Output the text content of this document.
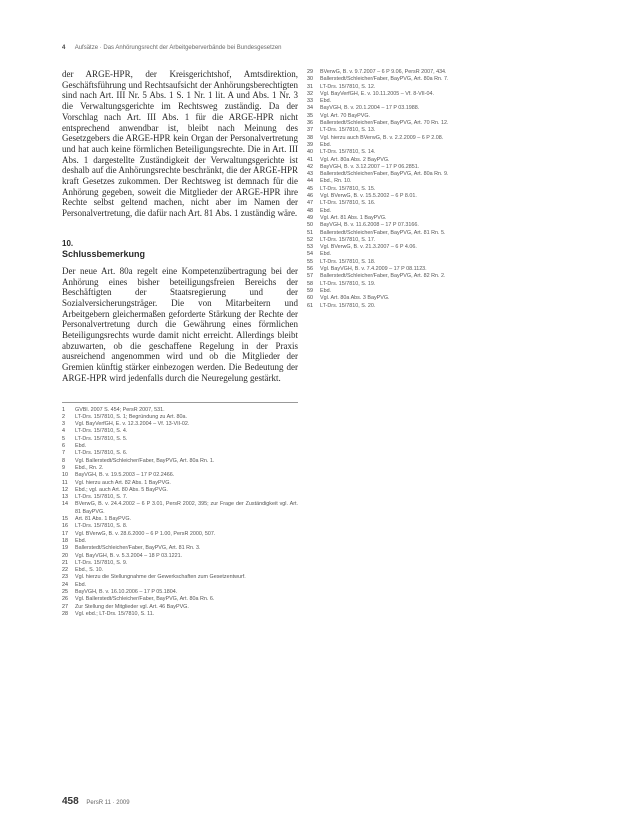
4 Aufsätze · Das Anhörungsrecht der Arbeitgeberverbände bei Bundesgesetzen

der ARGE-HPR, der Kreisgerichtshof, Amtsdirektion, Geschäftsführung und Rechtsaufsicht der Anhörungsberechtigten sind nach Art. III Nr. 5 Abs. 1 S. 1 Nr. 1 lit. A und Abs. 1 Nr. 3 die Verwaltungsgerichte im Rechtsweg zuständig. Da der Vorschlag nach Art. III Abs. 1 für die ARGE-HPR nicht entsprechend anwendbar ist, bleibt nach Meinung des Gesetzgebers die ARGE-HPR kein Organ der Personalvertretung und hat auch keine förmlichen Beteiligungsrechte. Die in Art. III Abs. 1 dargestellte Zuständigkeit der Verwaltungsgerichte ist deshalb auf die Anhörungsrechte beschränkt, die der ARGE-HPR kraft Gesetzes zukommen. Der Rechtsweg ist demnach für die Anhörung gegeben, soweit die Mitglieder der ARGE-HPR ihre Rechte selbst geltend machen, nicht aber im Namen der Personalvertretung, die dafür nach Art. 81 Abs. 1 zuständig wäre.

10.
Schlussbemerkung

Der neue Art. 80a regelt eine Kompetenzübertragung bei der Anhörung eines bisher beteiligungsfreien Bereichs der Beschäftigten der Staatsregierung und der Sozialversicherungsträger. Die von Mitarbeitern und Arbeitgebern gleichermaßen geforderte Stärkung der Rechte der Personalvertretung durch die Gewährung eines förmlichen Beteiligungsrechts wurde damit nicht erreicht. Allerdings bleibt abzuwarten, ob die geschaffene Regelung in der Praxis ausreichend angenommen wird und ob die Mitglieder der Gremien künftig stärker einbezogen werden. Die Bedeutung der ARGE-HPR wird jedenfalls durch die Neuregelung gestärkt.

1	GVBl. 2007 S. 454; PersR 2007, 531.
2	LT-Drs. 15/7810, S. 1; Begründung zu Art. 80a.
3	Vgl. BayVerfGH, E. v. 12.3.2004 – Vf. 13-VII-02.
4	LT-Drs. 15/7810, S. 4.
5	LT-Drs. 15/7810, S. 5.
6	Ebd.
7	LT-Drs. 15/7810, S. 6.
8	Vgl. Ballerstedt/Schleicher/Faber, BayPVG, Art. 80a Rn. 1.
9	Ebd., Rn. 2.
10	BayVGH, B. v. 19.5.2003 – 17 P 02.2466.
11	Vgl. hierzu auch Art. 82 Abs. 1 BayPVG.
12	Ebd.; vgl. auch Art. 80 Abs. 5 BayPVG.
13	LT-Drs. 15/7810, S. 7.
14	BVerwG, B. v. 24.4.2002 – 6 P 3.01, PersR 2002, 395; zur Frage der Zuständigkeit vgl. Art. 81 BayPVG.
15	Art. 81 Abs. 1 BayPVG.
16	LT-Drs. 15/7810, S. 8.
17	Vgl. BVerwG, B. v. 28.6.2000 – 6 P 1.00, PersR 2000, 507.
18	Ebd.
19	Ballerstedt/Schleicher/Faber, BayPVG, Art. 81 Rn. 3.
20	Vgl. BayVGH, B. v. 5.3.2004 – 18 P 03.1221.
21	LT-Drs. 15/7810, S. 9.
22	Ebd., S. 10.
23	Vgl. hierzu die Stellungnahme der Gewerkschaften zum Gesetzentwurf.
24	Ebd.
25	BayVGH, B. v. 16.10.2006 – 17 P 05.1804.
26	Vgl. Ballerstedt/Schleicher/Faber, BayPVG, Art. 80a Rn. 6.
27	Zur Stellung der Mitglieder vgl. Art. 46 BayPVG.
28	Vgl. ebd.; LT-Drs. 15/7810, S. 11.
29	BVerwG, B. v. 9.7.2007 – 6 P 9.06, PersR 2007, 434.
30	Ballerstedt/Schleicher/Faber, BayPVG, Art. 80a Rn. 7.
31	LT-Drs. 15/7810, S. 12.
32	Vgl. BayVerfGH, E. v. 10.11.2005 – Vf. 8-VII-04.
33	Ebd.
34	BayVGH, B. v. 20.1.2004 – 17 P 03.1988.
35	Vgl. Art. 70 BayPVG.
36	Ballerstedt/Schleicher/Faber, BayPVG, Art. 70 Rn. 12.
37	LT-Drs. 15/7810, S. 13.
38	Vgl. hierzu auch BVerwG, B. v. 2.2.2009 – 6 P 2.08.
39	Ebd.
40	LT-Drs. 15/7810, S. 14.
41	Vgl. Art. 80a Abs. 2 BayPVG.
42	BayVGH, B. v. 3.12.2007 – 17 P 06.2851.
43	Ballerstedt/Schleicher/Faber, BayPVG, Art. 80a Rn. 9.
44	Ebd., Rn. 10.
45	LT-Drs. 15/7810, S. 15.
46	Vgl. BVerwG, B. v. 15.5.2002 – 6 P 8.01.
47	LT-Drs. 15/7810, S. 16.
48	Ebd.
49	Vgl. Art. 81 Abs. 1 BayPVG.
50	BayVGH, B. v. 11.6.2008 – 17 P 07.3166.
51	Ballerstedt/Schleicher/Faber, BayPVG, Art. 81 Rn. 5.
52	LT-Drs. 15/7810, S. 17.
53	Vgl. BVerwG, B. v. 21.3.2007 – 6 P 4.06.
54	Ebd.
55	LT-Drs. 15/7810, S. 18.
56	Vgl. BayVGH, B. v. 7.4.2009 – 17 P 08.1123.
57	Ballerstedt/Schleicher/Faber, BayPVG, Art. 82 Rn. 2.
58	LT-Drs. 15/7810, S. 19.
59	Ebd.
60	Vgl. Art. 80a Abs. 3 BayPVG.
61	LT-Drs. 15/7810, S. 20.
458 PersR 11 · 2009
